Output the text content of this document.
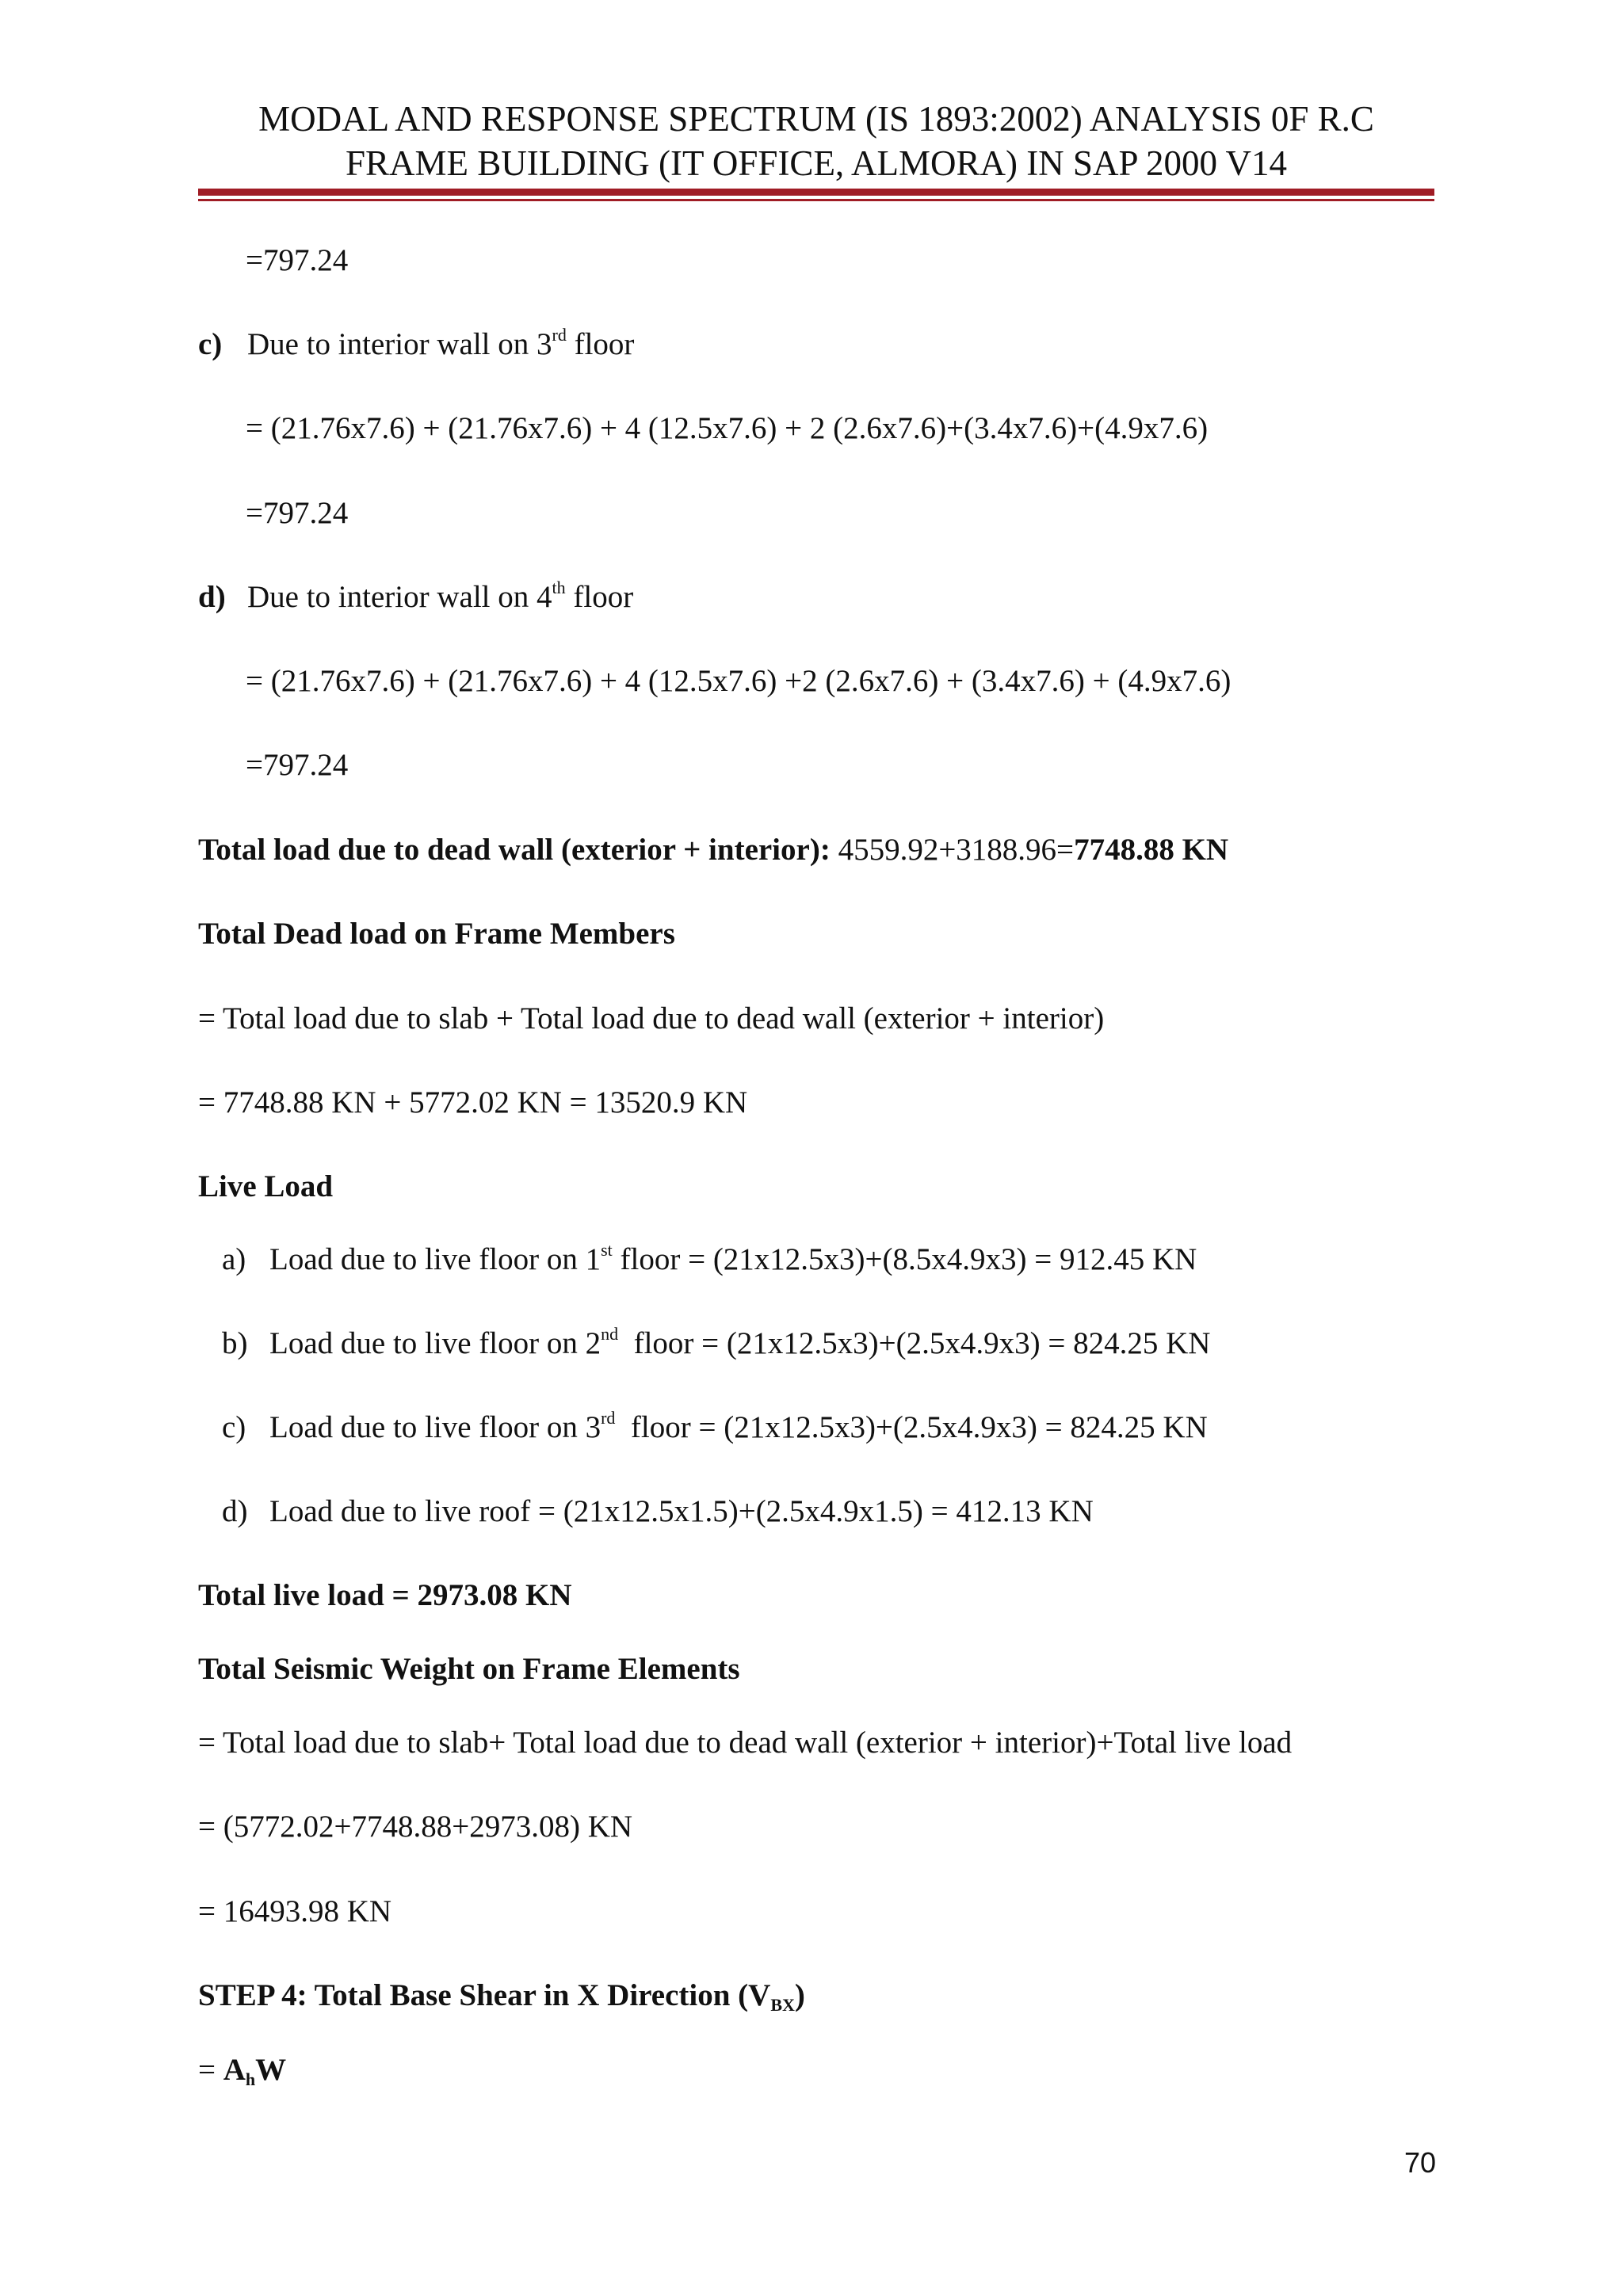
MODAL AND RESPONSE SPECTRUM (IS 1893:2002) ANALYSIS 0F R.C
FRAME BUILDING (IT OFFICE, ALMORA) IN SAP 2000 V14
=797.24
c) Due to interior wall on 3rd floor
= (21.76x7.6) + (21.76x7.6) + 4 (12.5x7.6) + 2 (2.6x7.6)+(3.4x7.6)+(4.9x7.6)
=797.24
d) Due to interior wall on 4th floor
= (21.76x7.6) + (21.76x7.6) + 4 (12.5x7.6) +2 (2.6x7.6) + (3.4x7.6) + (4.9x7.6)
=797.24
Total load due to dead wall (exterior + interior): 4559.92+3188.96=7748.88 KN
Total Dead load on Frame Members
= Total load due to slab + Total load due to dead wall (exterior + interior)
= 7748.88 KN + 5772.02 KN = 13520.9 KN
Live Load
a) Load due to live floor on 1st floor = (21x12.5x3)+(8.5x4.9x3) = 912.45 KN
b) Load due to live floor on 2nd  floor = (21x12.5x3)+(2.5x4.9x3) = 824.25 KN
c) Load due to live floor on 3rd  floor = (21x12.5x3)+(2.5x4.9x3) = 824.25 KN
d) Load due to live roof = (21x12.5x1.5)+(2.5x4.9x1.5) = 412.13 KN
Total live load = 2973.08 KN
Total Seismic Weight on Frame Elements
= Total load due to slab+ Total load due to dead wall (exterior + interior)+Total live load
= (5772.02+7748.88+2973.08) KN
= 16493.98 KN
STEP 4: Total Base Shear in X Direction $(V_{BX})$
= $A_hW$
70
